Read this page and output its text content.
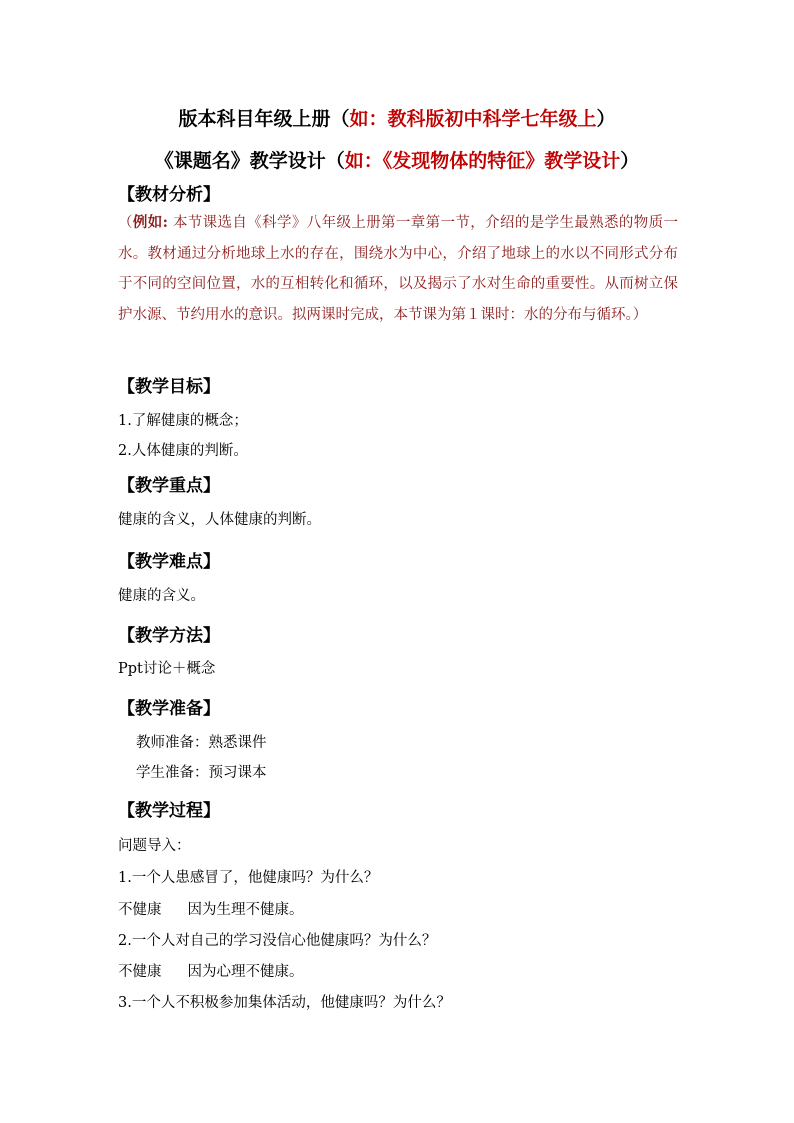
版本科目年级上册（如：教科版初中科学七年级上）
《课题名》教学设计（如：《发现物体的特征》教学设计）
【教材分析】
（例如: 本节课选自《科学》八年级上册第一章第一节，介绍的是学生最熟悉的物质一水。教材通过分析地球上水的存在，围绕水为中心，介绍了地球上的水以不同形式分布于不同的空间位置，水的互相转化和循环，以及揭示了水对生命的重要性。从而树立保护水源、节约用水的意识。拟两课时完成，本节课为第１课时：水的分布与循环。）
【教学目标】
1.了解健康的概念；
2.人体健康的判断。
【教学重点】
健康的含义，人体健康的判断。
【教学难点】
健康的含义。
【教学方法】
Ppt讨论＋概念
【教学准备】
教师准备：熟悉课件
学生准备：预习课本
【教学过程】
问题导入：
1.一个人患感冒了，他健康吗？为什么？
不健康 因为生理不健康。
2.一个人对自己的学习没信心他健康吗？为什么？
不健康 因为心理不健康。
3.一个人不积极参加集体活动，他健康吗？为什么？
